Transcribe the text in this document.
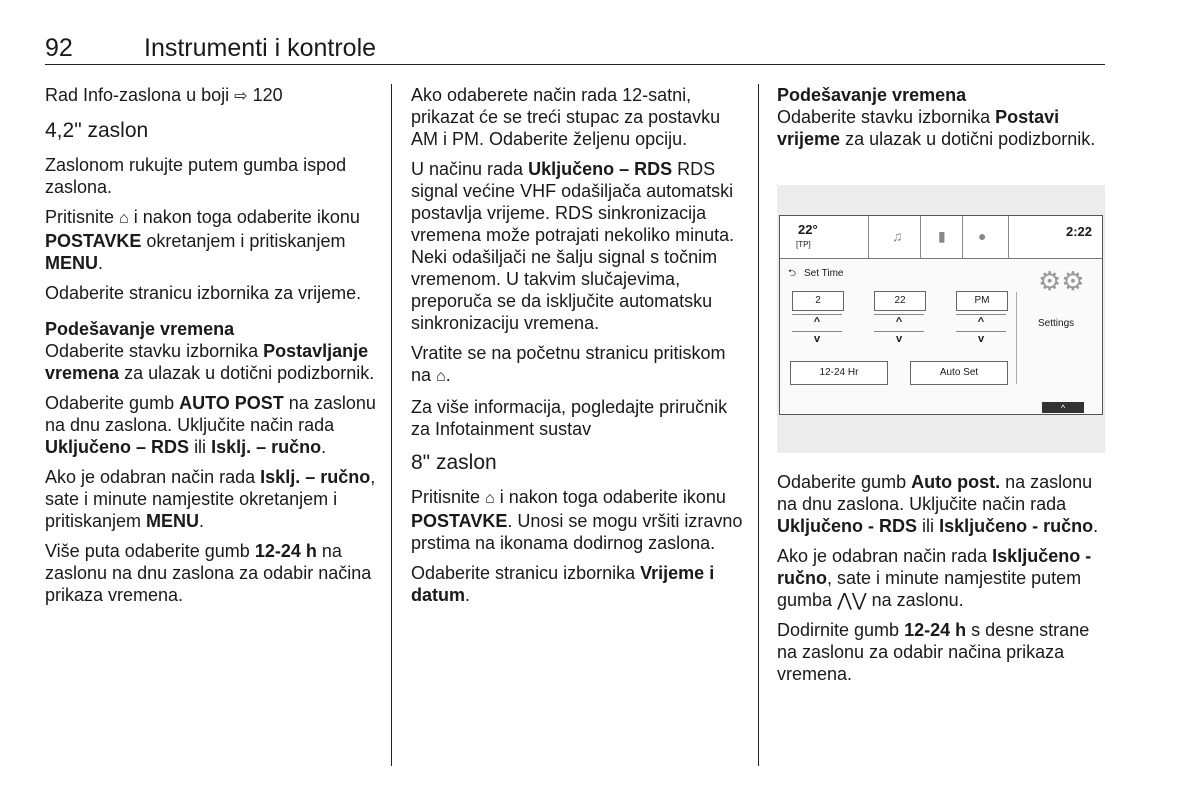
92	Instrumenti i kontrole

Rad Info-zaslona u boji ⇨ 120

4,2" zaslon

Zaslonom rukujte putem gumba ispod zaslona.

Pritisnite ⌂ i nakon toga odaberite ikonu POSTAVKE okretanjem i pritiskanjem MENU.

Odaberite stranicu izbornika za vrijeme.

Podešavanje vremena

Odaberite stavku izbornika Postavljanje vremena za ulazak u dotični podizbornik.

Odaberite gumb AUTO POST na zaslonu na dnu zaslona. Uključite način rada Uključeno – RDS ili Isklj. – ručno.

Ako je odabran način rada Isklj. – ručno, sate i minute namjestite okretanjem i pritiskanjem MENU.

Više puta odaberite gumb 12-24 h na zaslonu na dnu zaslona za odabir načina prikaza vremena.

Ako odaberete način rada 12-satni, prikazat će se treći stupac za postavku AM i PM. Odaberite željenu opciju.

U načinu rada Uključeno – RDS RDS signal većine VHF odašiljača automatski postavlja vrijeme. RDS sinkronizacija vremena može potrajati nekoliko minuta. Neki odašiljači ne šalju signal s točnim vremenom. U takvim slučajevima, preporuča se da isključite automatsku sinkronizaciju vremena.

Vratite se na početnu stranicu pritiskom na ⌂.

Za više informacija, pogledajte priručnik za Infotainment sustav

8" zaslon

Pritisnite ⌂ i nakon toga odaberite ikonu POSTAVKE. Unosi se mogu vršiti izravno prstima na ikonama dodirnog zaslona.

Odaberite stranicu izbornika Vrijeme i datum.

Podešavanje vremena

Odaberite stavku izbornika Postavi vrijeme za ulazak u dotični podizbornik.

22°
[TP]
♫	▮ ●	2:22
⮌ Set Time
2	22	PM
^
v
^
v
^
v
12-24 Hr	Auto Set
⚙⚙
Settings
^

Odaberite gumb Auto post. na zaslonu na dnu zaslona. Uključite način rada Uključeno - RDS ili Isključeno - ručno.

Ako je odabran način rada Isključeno - ručno, sate i minute namjestite putem gumba ⋀⋁ na zaslonu.

Dodirnite gumb 12-24 h s desne strane na zaslonu za odabir načina prikaza vremena.
